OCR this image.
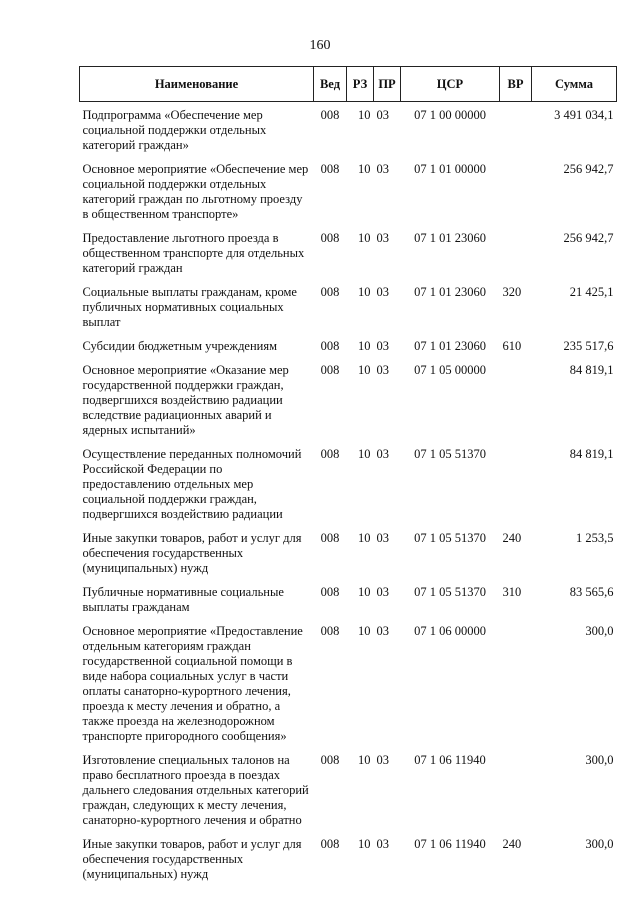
160
Наименование	Вед	РЗ	ПР	ЦСР	ВР	Сумма
Подпрограмма «Обеспечение мер социальной поддержки отдельных категорий граждан»	008	10	03	07 1 00 00000		3 491 034,1
Основное мероприятие «Обеспечение мер социальной поддержки отдельных категорий граждан по льготному проезду в общественном транспорте»	008	10	03	07 1 01 00000		256 942,7
Предоставление льготного проезда в общественном транспорте для отдельных категорий граждан	008	10	03	07 1 01 23060		256 942,7
Социальные выплаты гражданам, кроме публичных нормативных социальных выплат	008	10	03	07 1 01 23060	320	21 425,1
Субсидии бюджетным учреждениям	008	10	03	07 1 01 23060	610	235 517,6
Основное мероприятие «Оказание мер государственной поддержки граждан, подвергшихся воздействию радиации вследствие радиационных аварий и ядерных испытаний»	008	10	03	07 1 05 00000		84 819,1
Осуществление переданных полномочий Российской Федерации по предоставлению отдельных мер социальной поддержки граждан, подвергшихся воздействию радиации	008	10	03	07 1 05 51370		84 819,1
Иные закупки товаров, работ и услуг для обеспечения государственных (муниципальных) нужд	008	10	03	07 1 05 51370	240	1 253,5
Публичные нормативные социальные выплаты гражданам	008	10	03	07 1 05 51370	310	83 565,6
Основное мероприятие «Предоставление отдельным категориям граждан государственной социальной помощи в виде набора социальных услуг в части оплаты санаторно-курортного лечения, проезда к месту лечения и обратно, а также проезда на железнодорожном транспорте пригородного сообщения»	008	10	03	07 1 06 00000		300,0
Изготовление специальных талонов на право бесплатного проезда в поездах дальнего следования отдельных категорий граждан, следующих к месту лечения, санаторно-курортного лечения и обратно	008	10	03	07 1 06 11940		300,0
Иные закупки товаров, работ и услуг для обеспечения государственных (муниципальных) нужд	008	10	03	07 1 06 11940	240	300,0
